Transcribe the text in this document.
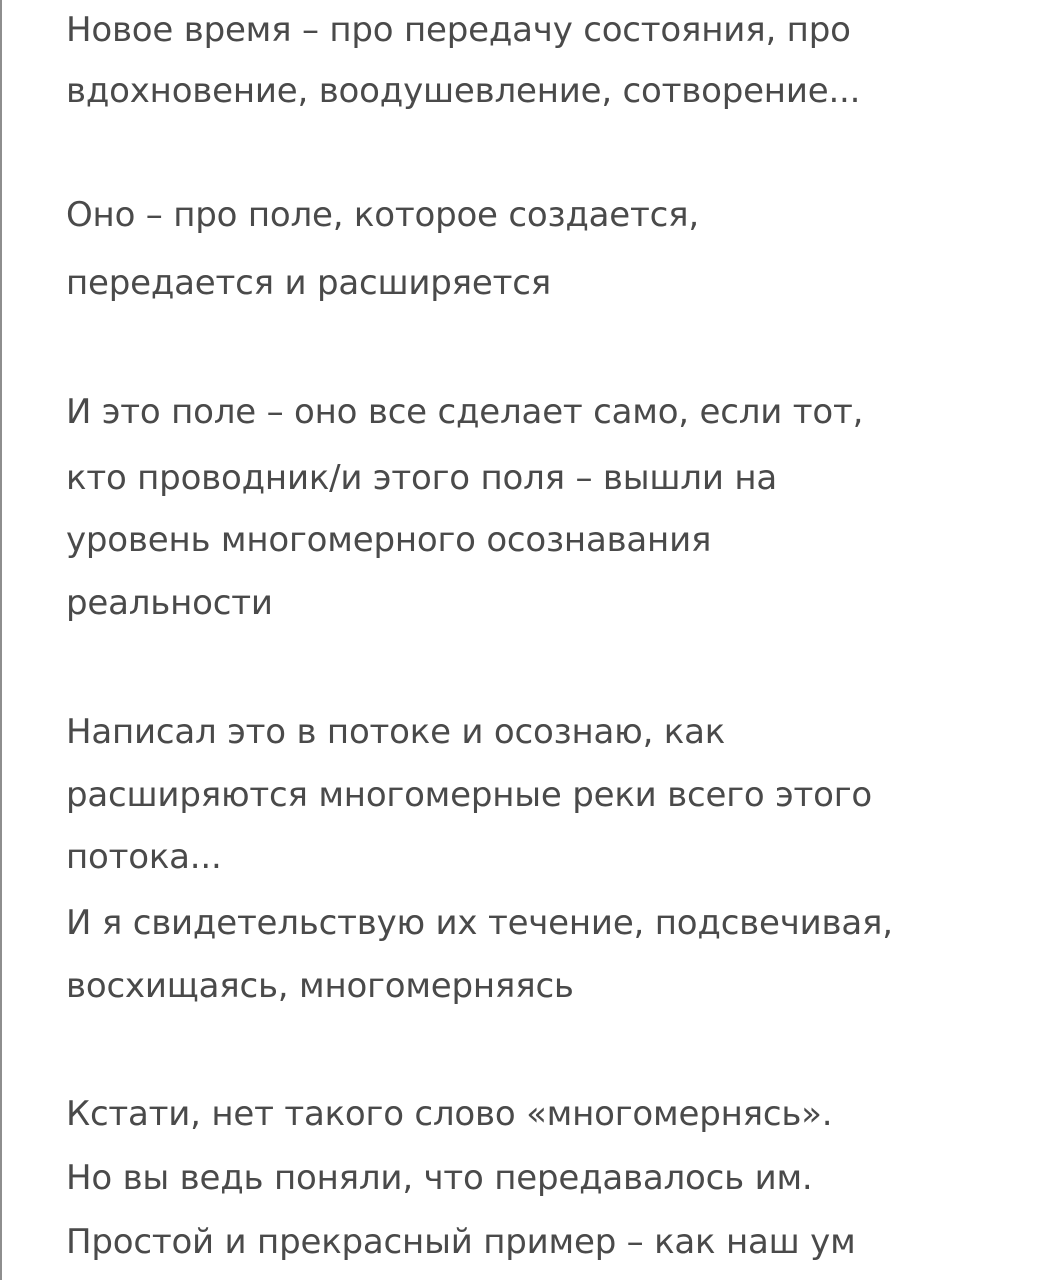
Новое время – про передачу состояния, про
вдохновение, воодушевление, сотворение...
Оно – про поле, которое создается,
передается и расширяется
И это поле – оно все сделает само, если тот,
кто проводник/и этого поля – вышли на
уровень многомерного осознавания
реальности
Написал это в потоке и осознаю, как
расширяются многомерные реки всего этого
потока...
И я свидетельствую их течение, подсвечивая,
восхищаясь, многомерняясь
Кстати, нет такого слово «многомернясь».
Но вы ведь поняли, что передавалось им.
Простой и прекрасный пример – как наш ум
